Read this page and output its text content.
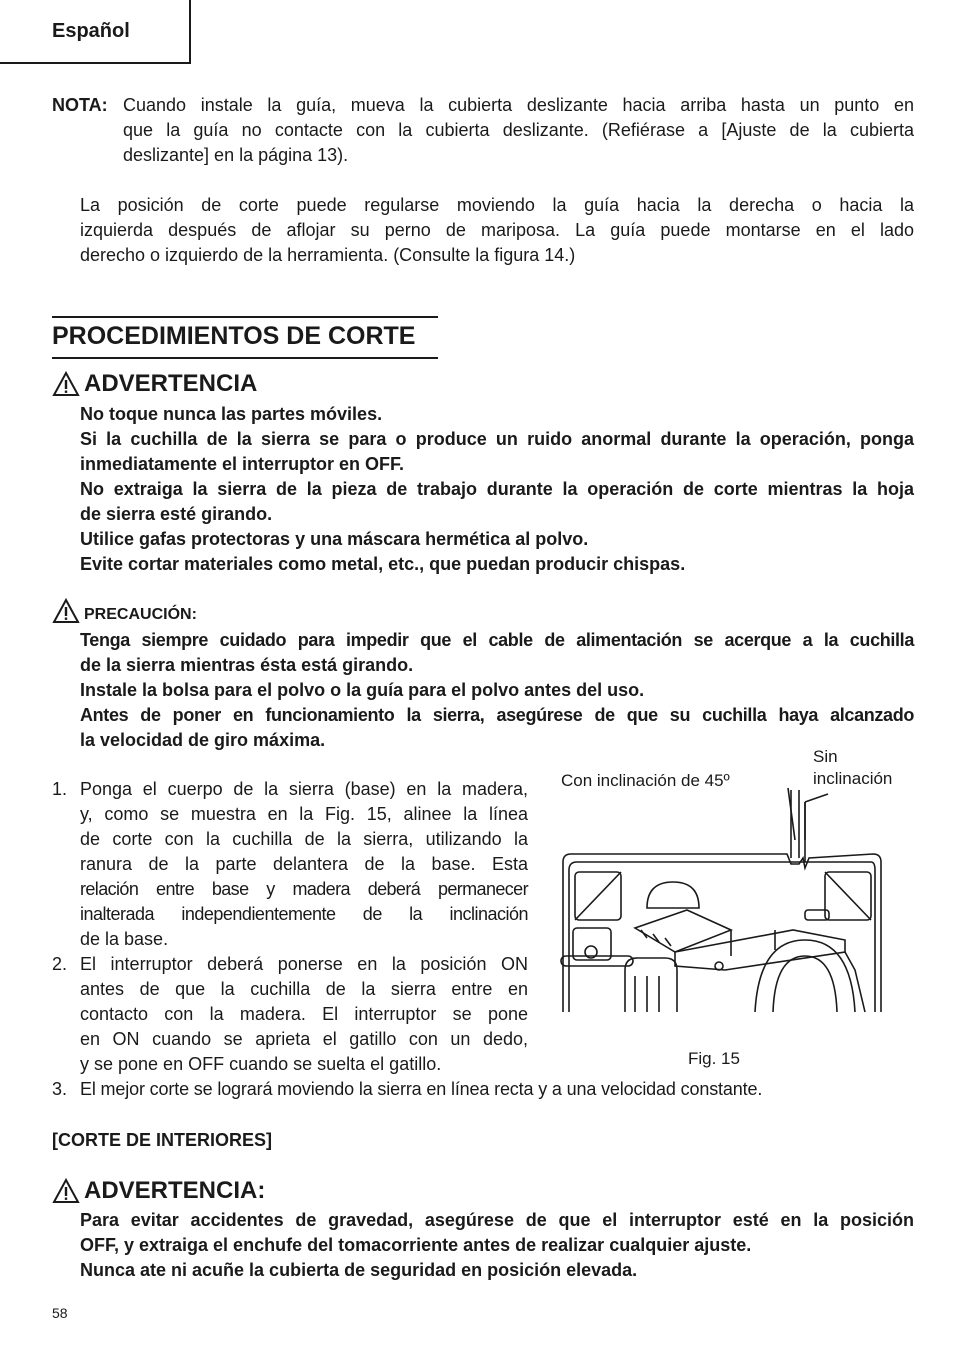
Español
NOTA: Cuando instale la guía, mueva la cubierta deslizante hacia arriba hasta un punto en
que la guía no contacte con la cubierta deslizante. (Refiérase a [Ajuste de la cubierta
deslizante] en la página 13).
La posición de corte puede regularse moviendo la guía hacia la derecha o hacia la
izquierda después de aflojar su perno de mariposa. La guía puede montarse en el lado
derecho o izquierdo de la herramienta. (Consulte la figura 14.)
PROCEDIMIENTOS DE CORTE
ADVERTENCIA
No toque nunca las partes móviles.
Si la cuchilla de la sierra se para o produce un ruido anormal durante la operación, ponga
inmediatamente el interruptor en OFF.
No extraiga la sierra de la pieza de trabajo durante la operación de corte mientras la hoja
de sierra esté girando.
Utilice gafas protectoras y una máscara hermética al polvo.
Evite cortar materiales como metal, etc., que puedan producir chispas.
PRECAUCIÓN:
Tenga siempre cuidado para impedir que el cable de alimentación se acerque a la cuchilla
de la sierra mientras ésta está girando.
Instale la bolsa para el polvo o la guía para el polvo antes del uso.
Antes de poner en funcionamiento la sierra, asegúrese de que su cuchilla haya alcanzado
la velocidad de giro máxima.
1. Ponga el cuerpo de la sierra (base) en la madera,
y, como se muestra en la Fig. 15, alinee la línea
de corte con la cuchilla de la sierra, utilizando la
ranura de la parte delantera de la base. Esta
relación entre base y madera deberá permanecer
inalterada independientemente de la inclinación
de la base.
2. El interruptor deberá ponerse en la posición ON
antes de que la cuchilla de la sierra entre en
contacto con la madera. El interruptor se pone
en ON cuando se aprieta el gatillo con un dedo,
y se pone en OFF cuando se suelta el gatillo.
Con inclinación de 45º
Sin
inclinación
Fig. 15
3. El mejor corte se logrará moviendo la sierra en línea recta y a una velocidad constante.
[CORTE DE INTERIORES]
ADVERTENCIA:
Para evitar accidentes de gravedad, asegúrese de que el interruptor esté en la posición
OFF, y extraiga el enchufe del tomacorriente antes de realizar cualquier ajuste.
Nunca ate ni acuñe la cubierta de seguridad en posición elevada.
58
